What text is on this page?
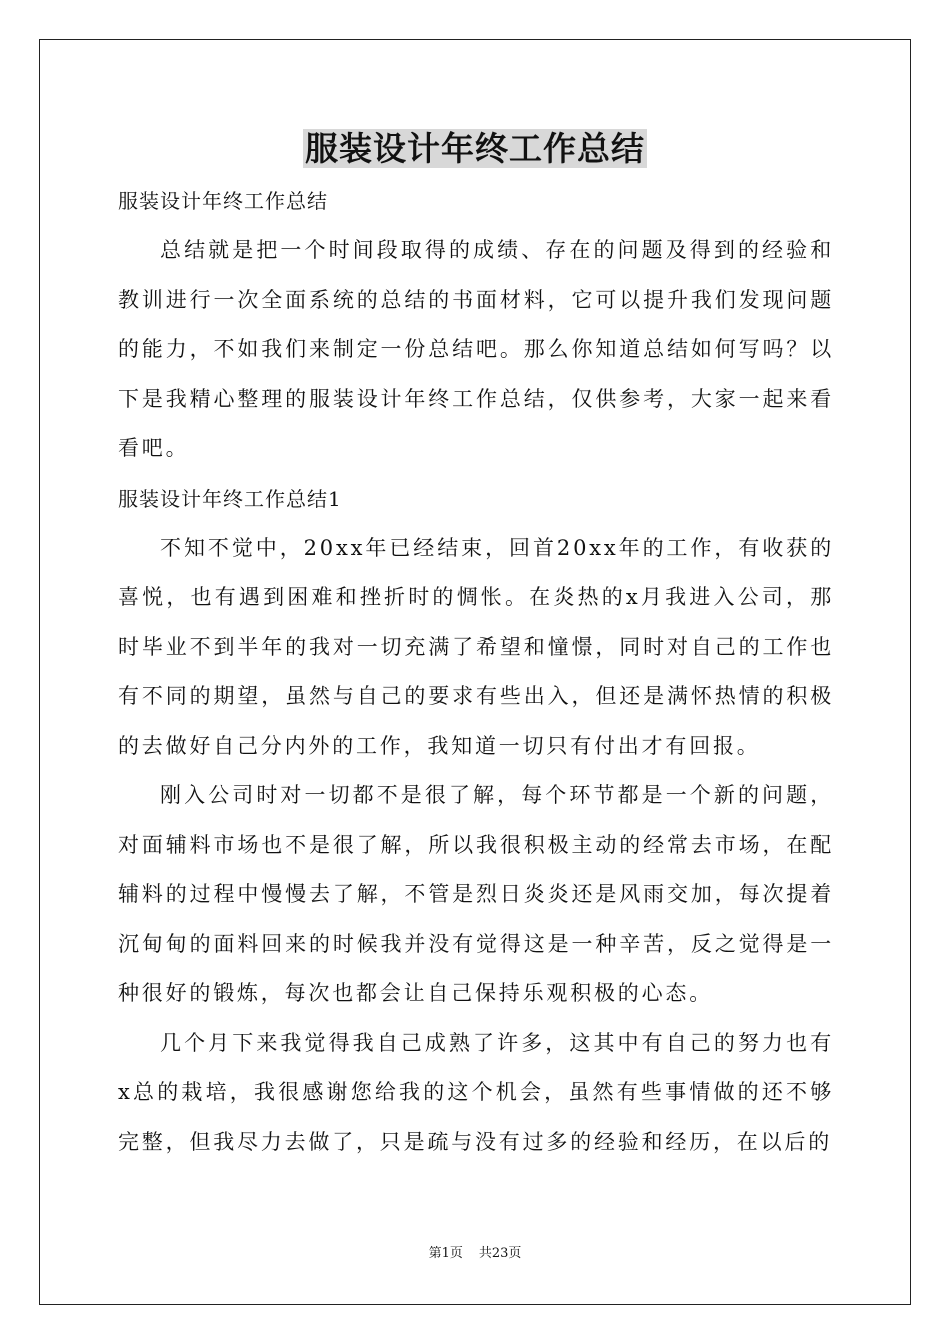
服装设计年终工作总结

服装设计年终工作总结

总结就是把一个时间段取得的成绩、存在的问题及得到的经验和教训进行一次全面系统的总结的书面材料，它可以提升我们发现问题的能力，不如我们来制定一份总结吧。那么你知道总结如何写吗？以下是我精心整理的服装设计年终工作总结，仅供参考，大家一起来看看吧。

服装设计年终工作总结1

不知不觉中，20xx年已经结束，回首20xx年的工作，有收获的喜悦，也有遇到困难和挫折时的惆怅。在炎热的x月我进入公司，那时毕业不到半年的我对一切充满了希望和憧憬，同时对自己的工作也有不同的期望，虽然与自己的要求有些出入，但还是满怀热情的积极的去做好自己分内外的工作，我知道一切只有付出才有回报。

刚入公司时对一切都不是很了解，每个环节都是一个新的问题，对面辅料市场也不是很了解，所以我很积极主动的经常去市场，在配辅料的过程中慢慢去了解，不管是烈日炎炎还是风雨交加，每次提着沉甸甸的面料回来的时候我并没有觉得这是一种辛苦，反之觉得是一种很好的锻炼，每次也都会让自己保持乐观积极的心态。

几个月下来我觉得我自己成熟了许多，这其中有自己的努力也有x总的栽培，我很感谢您给我的这个机会，虽然有些事情做的还不够完整，但我尽力去做了，只是疏与没有过多的经验和经历，在以后的

第1页 共23页
